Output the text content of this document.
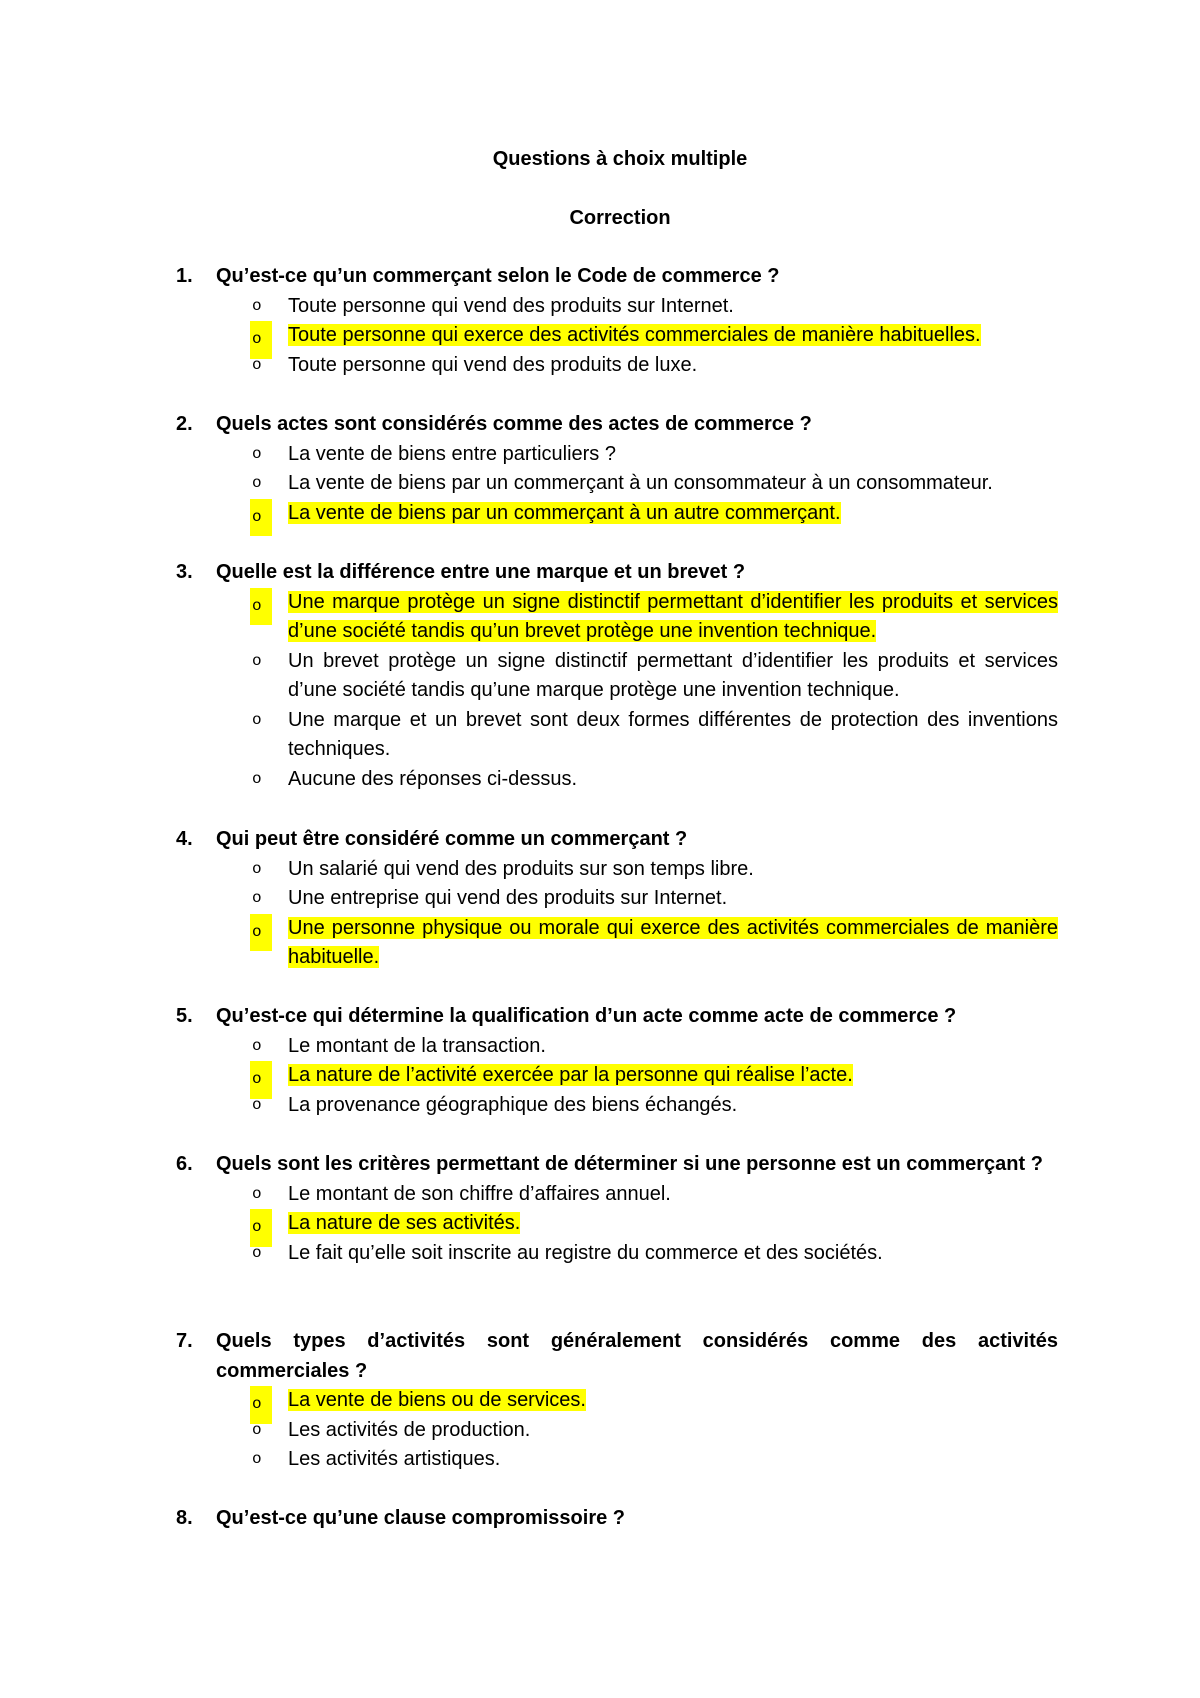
Questions à choix multiple
Correction
1. Qu’est-ce qu’un commerçant selon le Code de commerce ?
o Toute personne qui vend des produits sur Internet.
o	Toute personne qui exerce des activités commerciales de manière habituelles.
o Toute personne qui vend des produits de luxe.
2. Quels actes sont considérés comme des actes de commerce ?
o La vente de biens entre particuliers ?
o La vente de biens par un commerçant à un consommateur à un consommateur.
o	La vente de biens par un commerçant à un autre commerçant.
3. Quelle est la différence entre une marque et un brevet ?
o	Une marque protège un signe distinctif permettant d’identifier les produits et services d’une société tandis qu’un brevet protège une invention technique.
o Un brevet protège un signe distinctif permettant d’identifier les produits et services d’une société tandis qu’une marque protège une invention technique.
o Une marque et un brevet sont deux formes différentes de protection des inventions techniques.
o Aucune des réponses ci-dessus.
4. Qui peut être considéré comme un commerçant ?
o Un salarié qui vend des produits sur son temps libre.
o Une entreprise qui vend des produits sur Internet.
o	Une personne physique ou morale qui exerce des activités commerciales de manière habituelle.
5. Qu’est-ce qui détermine la qualification d’un acte comme acte de commerce ?
o Le montant de la transaction.
o	La nature de l’activité exercée par la personne qui réalise l’acte.
o La provenance géographique des biens échangés.
6. Quels sont les critères permettant de déterminer si une personne est un commerçant ?
o Le montant de son chiffre d’affaires annuel.
o	La nature de ses activités.
o Le fait qu’elle soit inscrite au registre du commerce et des sociétés.
7. Quels types d’activités sont généralement considérés comme des activités commerciales ?
o	La vente de biens ou de services.
o Les activités de production.
o Les activités artistiques.
8. Qu’est-ce qu’une clause compromissoire ?
